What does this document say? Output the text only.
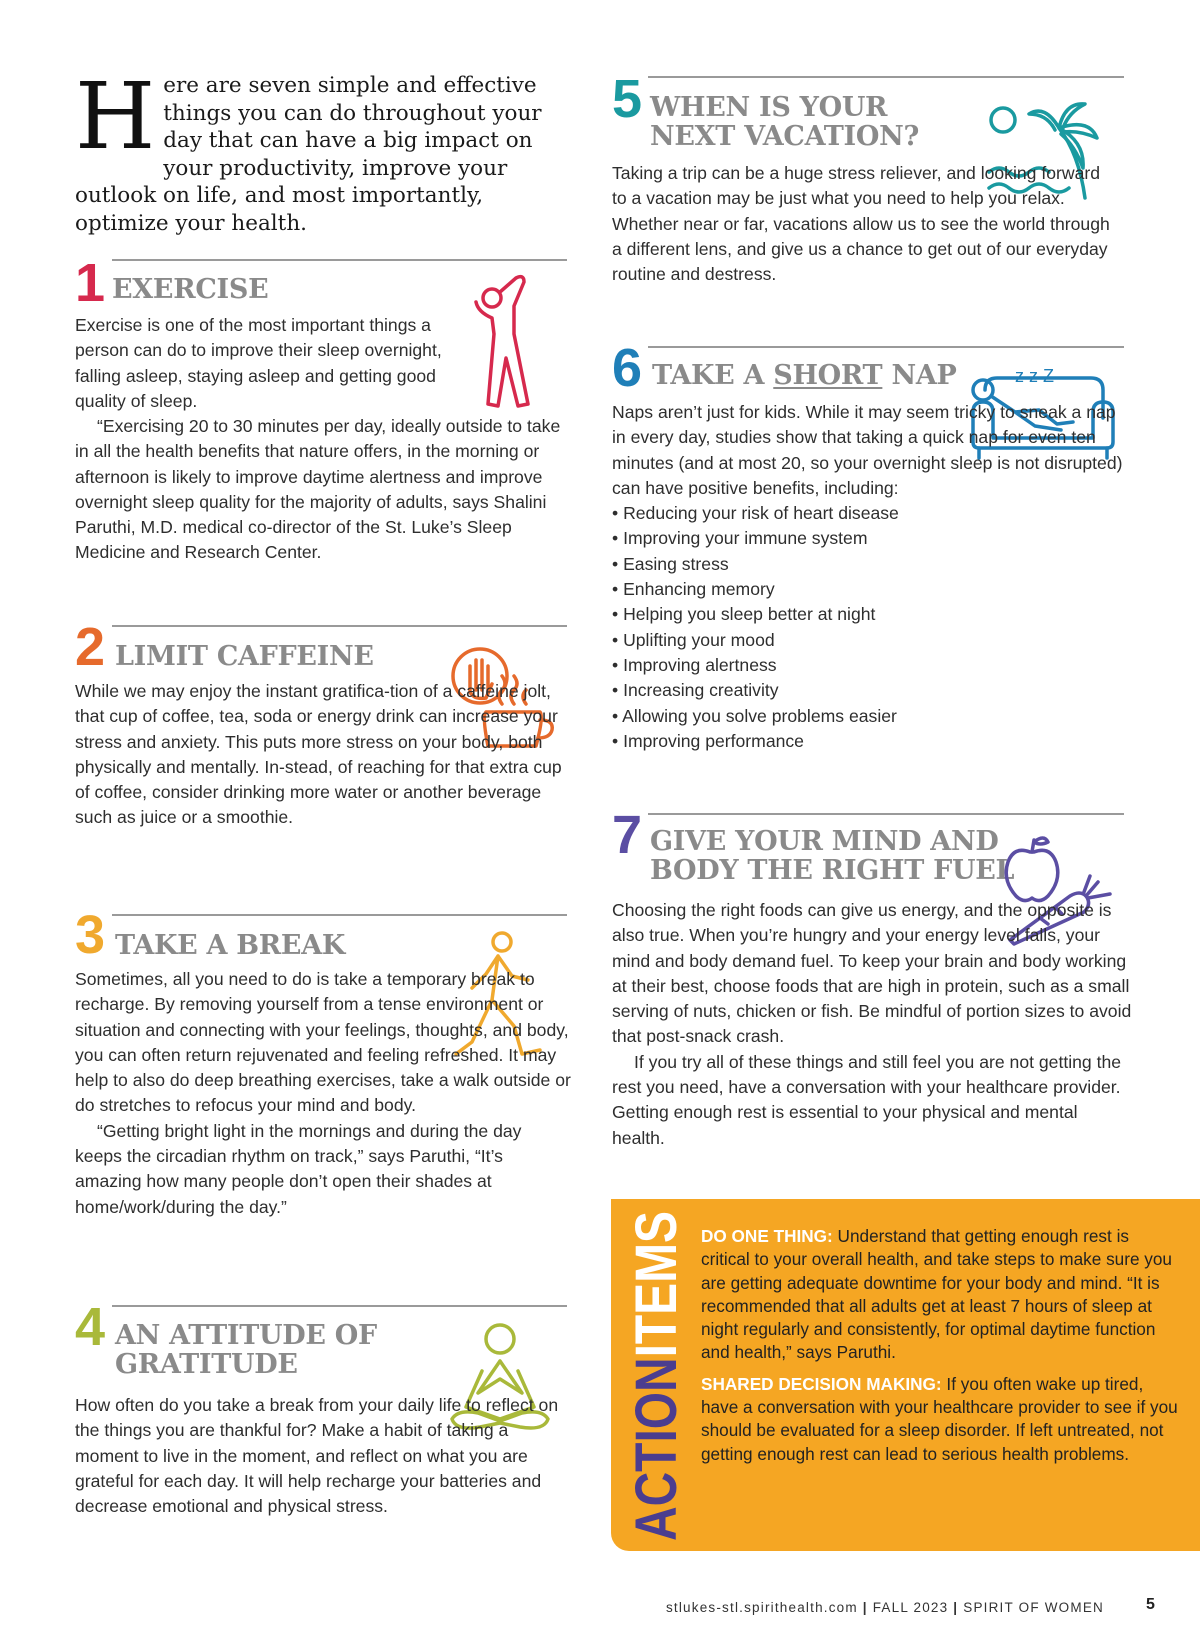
Here are seven simple and effective things you can do throughout your day that can have a big impact on your productivity, improve your outlook on life, and most importantly, optimize your health.
1 EXERCISE

Exercise is one of the most important things a person can do to improve their sleep overnight, falling asleep, staying asleep and getting good quality of sleep.

“Exercising 20 to 30 minutes per day, ideally outside to take in all the health benefits that nature offers, in the morning or afternoon is likely to improve daytime alertness and improve overnight sleep quality for the majority of adults, says Shalini Paruthi, M.D. medical co-director of the St. Luke’s Sleep Medicine and Research Center.

2 LIMIT CAFFEINE

While we may enjoy the instant gratifica-tion of a caffeine jolt, that cup of coffee, tea, soda or energy drink can increase your stress and anxiety. This puts more stress on your body, both physically and mentally. In-stead, of reaching for that extra cup of coffee, consider drinking more water or another beverage such as juice or a smoothie.

3 TAKE A BREAK

Sometimes, all you need to do is take a temporary break to recharge. By removing yourself from a tense environment or situation and connecting with your feelings, thoughts, and body, you can often return rejuvenated and feeling refreshed. It may help to also do deep breathing exercises, take a walk outside or do stretches to refocus your mind and body.

“Getting bright light in the mornings and during the day keeps the circadian rhythm on track,” says Paruthi, “It’s amazing how many people don’t open their shades at home/work/during the day.”

4 AN ATTITUDE OF
GRATITUDE

How often do you take a break from your daily life to reflect on the things you are thankful for? Make a habit of taking a moment to live in the moment, and reflect on what you are grateful for each day. It will help recharge your batteries and decrease emotional and physical stress.

5 WHEN IS YOUR
NEXT VACATION?

Taking a trip can be a huge stress reliever, and looking forward to a vacation may be just what you need to help you relax. Whether near or far, vacations allow us to see the world through a different lens, and give us a chance to get out of our everyday routine and destress.

6 TAKE A SHORT NAP	z z Z

Naps aren’t just for kids. While it may seem tricky to sneak a nap in every day, studies show that taking a quick nap for even ten minutes (and at most 20, so your overnight sleep is not disrupted) can have positive benefits, including:

• Reducing your risk of heart disease
• Improving your immune system
• Easing stress
• Enhancing memory
• Helping you sleep better at night
• Uplifting your mood
• Improving alertness
• Increasing creativity
• Allowing you solve problems easier
• Improving performance
7 GIVE YOUR MIND AND
BODY THE RIGHT FUEL

Choosing the right foods can give us energy, and the opposite is also true. When you’re hungry and your energy level falls, your mind and body demand fuel. To keep your brain and body working at their best, choose foods that are high in protein, such as a small serving of nuts, chicken or fish. Be mindful of portion sizes to avoid that post-snack crash.

If you try all of these things and still feel you are not getting the rest you need, have a conversation with your healthcare provider. Getting enough rest is essential to your physical and mental health.

ACTIONITEMS DO ONE THING: Understand that getting enough rest is critical to your overall health, and take steps to make sure you are getting adequate downtime for your body and mind. “It is recommended that all adults get at least 7 hours of sleep at night regularly and consistently, for optimal daytime function and health,” says Paruthi.

SHARED DECISION MAKING: If you often wake up tired, have a conversation with your healthcare provider to see if you should be evaluated for a sleep disorder. If left untreated, not getting enough rest can lead to serious health problems.

stlukes-stl.spirithealth.com | FALL 2023 | SPIRIT OF WOMEN	5
